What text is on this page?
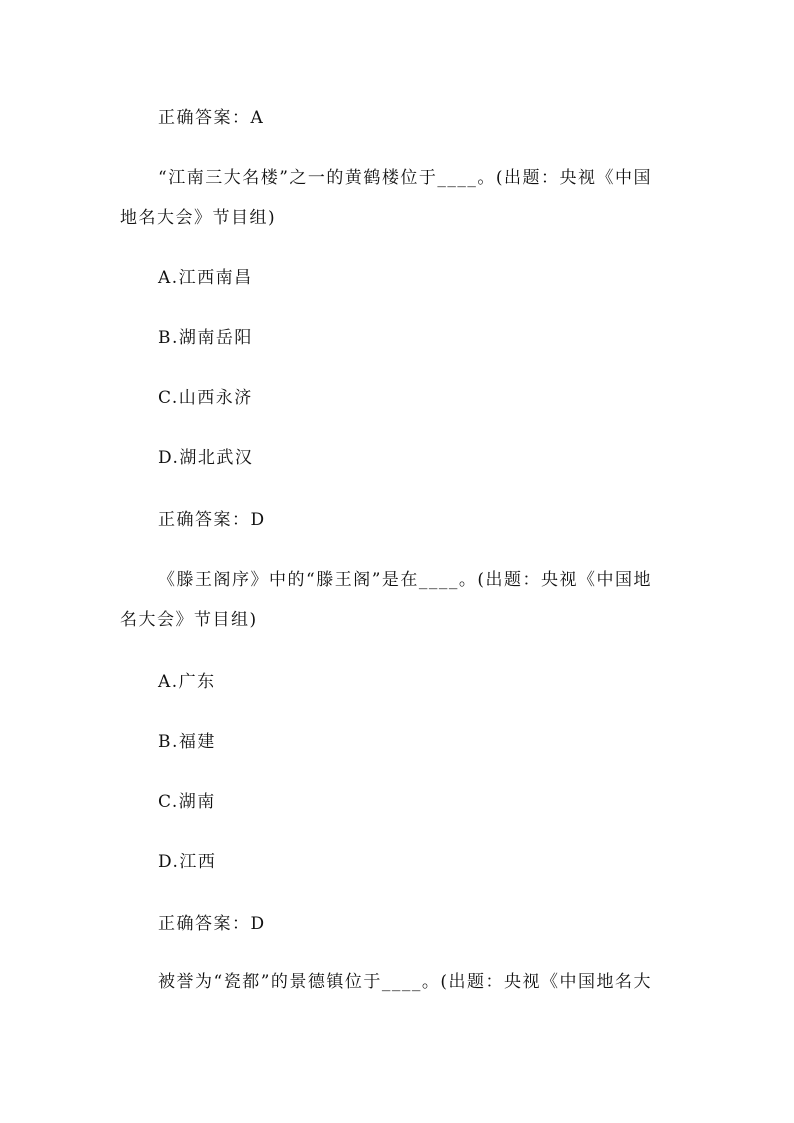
正确答案：A

“江南三大名楼”之一的黄鹤楼位于____。(出题：央视《中国

地名大会》节目组)

A.江西南昌

B.湖南岳阳

C.山西永济

D.湖北武汉

正确答案：D

《滕王阁序》中的“滕王阁”是在____。(出题：央视《中国地

名大会》节目组)

A.广东

B.福建

C.湖南

D.江西

正确答案：D

被誉为“瓷都”的景德镇位于____。(出题：央视《中国地名大
